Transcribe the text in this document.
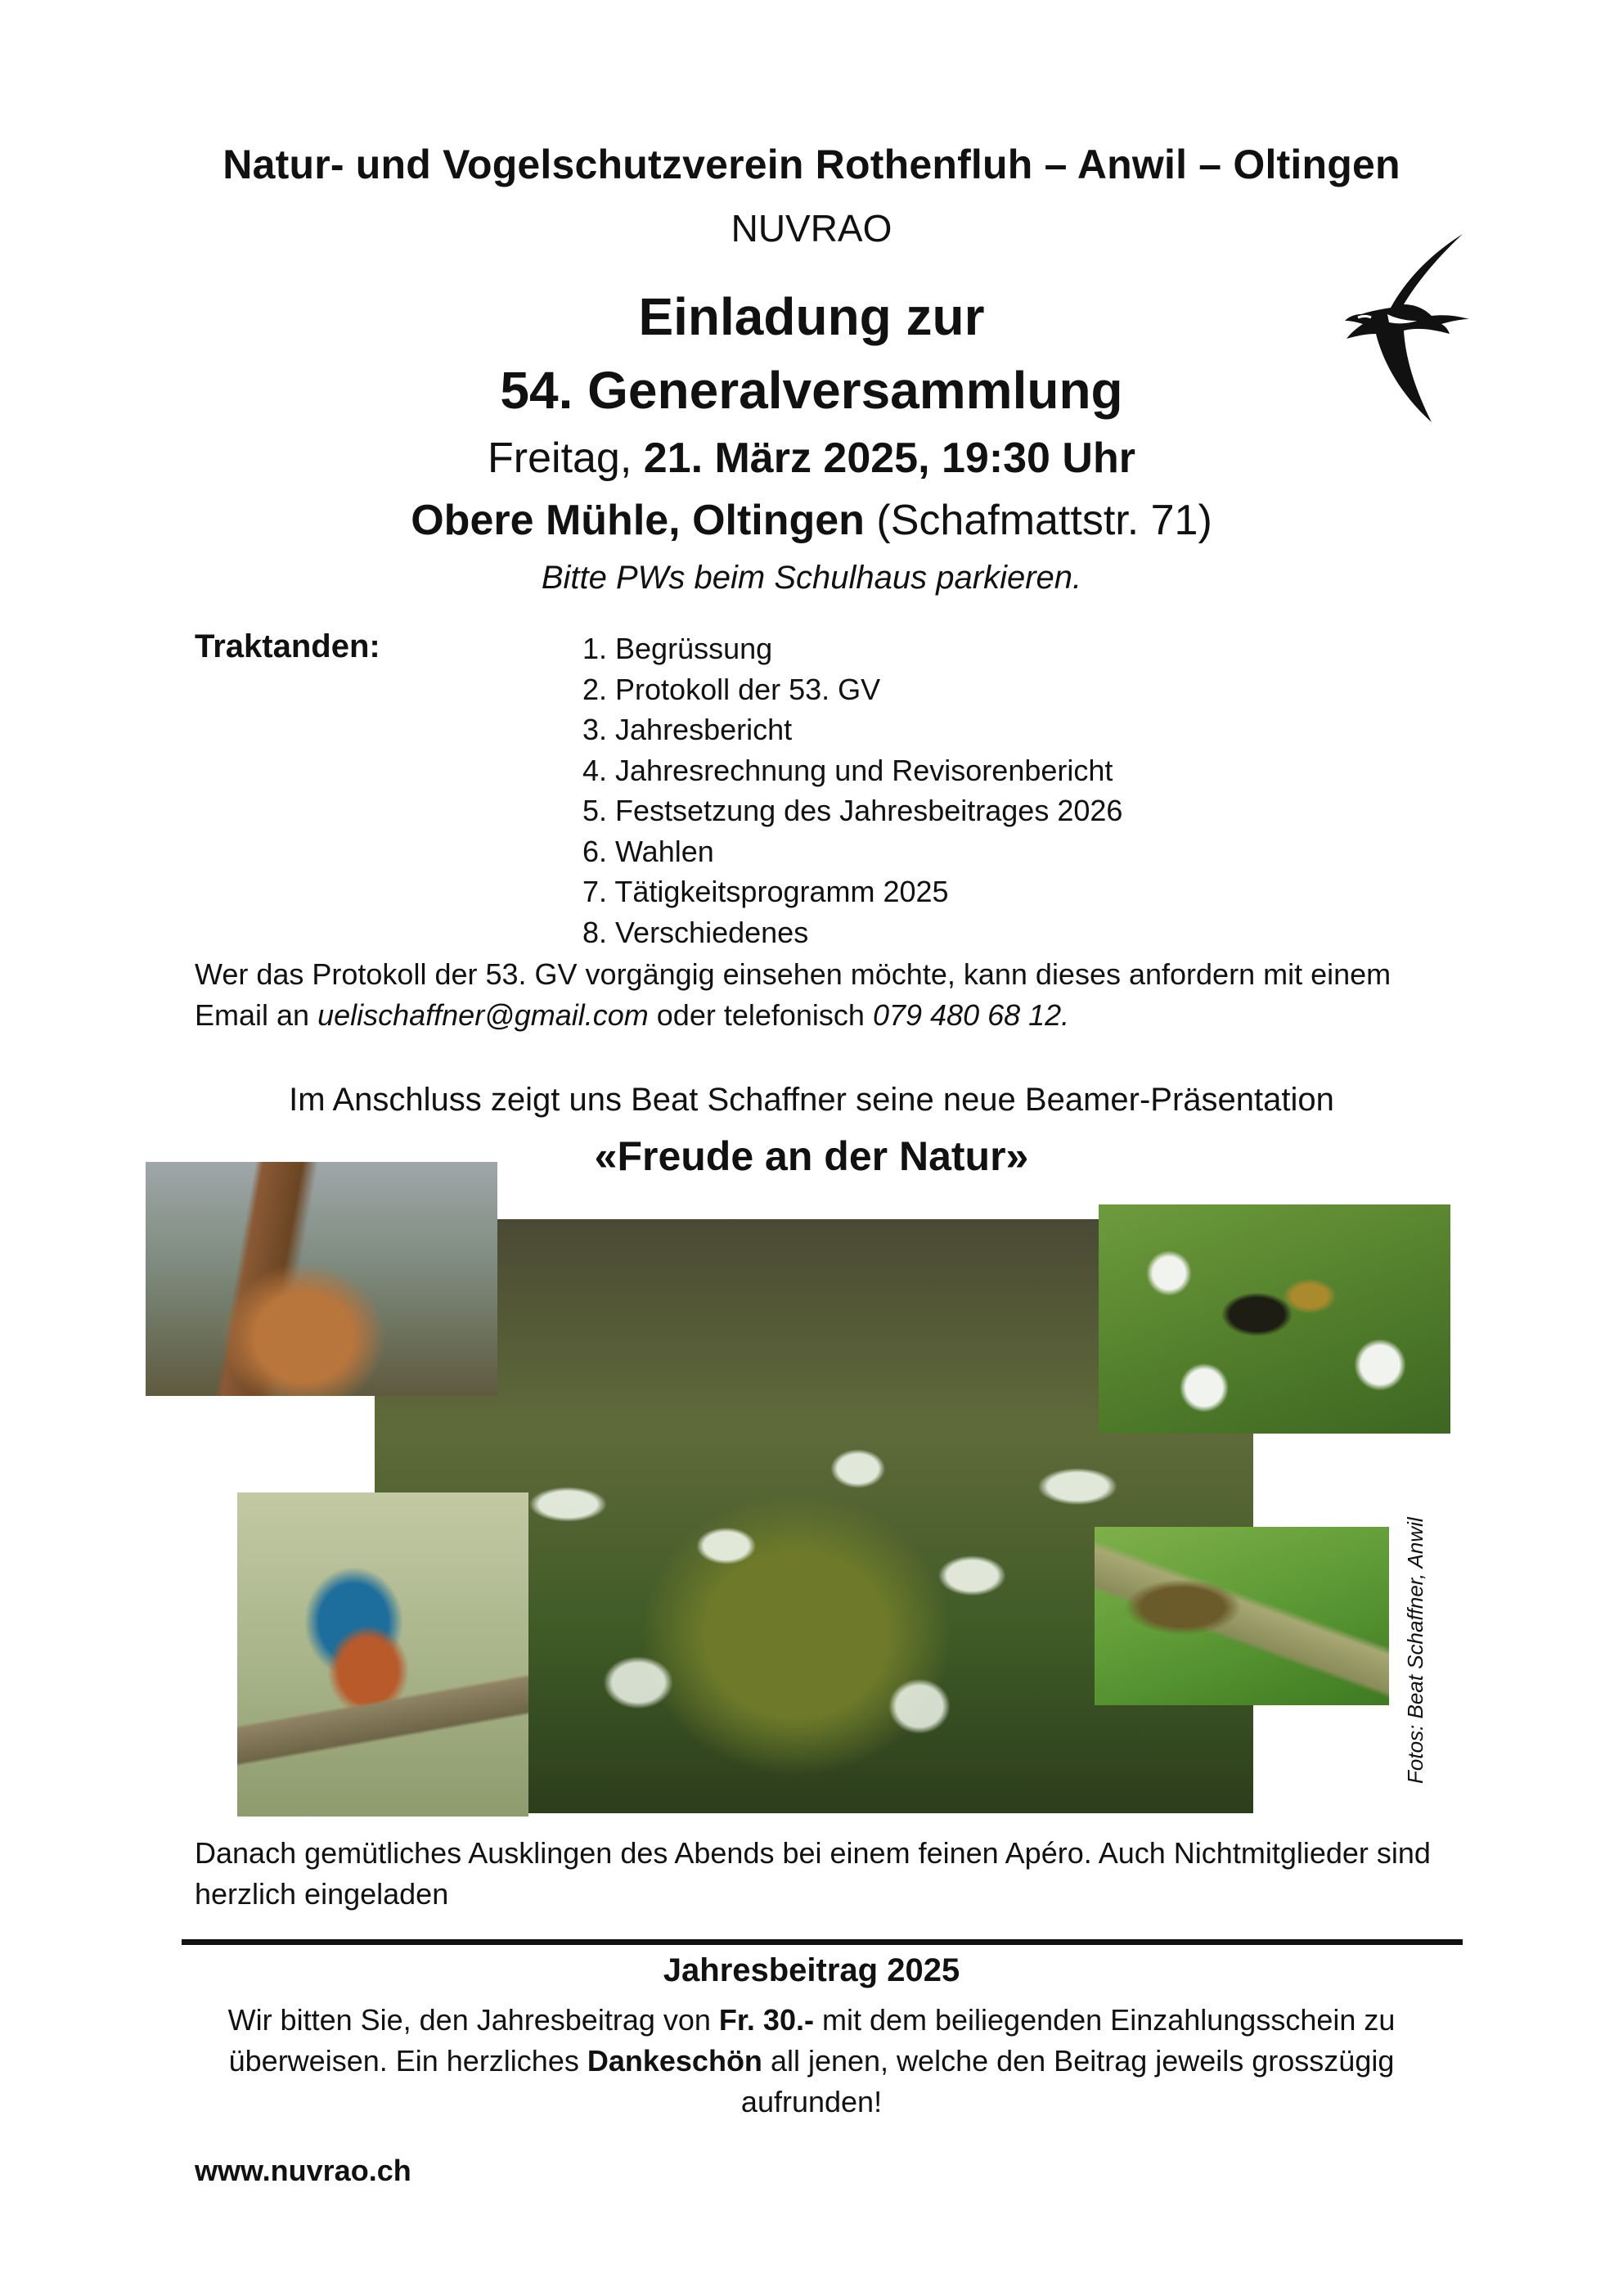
Natur- und Vogelschutzverein Rothenfluh – Anwil – Oltingen
NUVRAO
Einladung zur
54. Generalversammlung
Freitag, 21. März 2025, 19:30 Uhr
Obere Mühle, Oltingen (Schafmattstr. 71)
Bitte PWs beim Schulhaus parkieren.
Traktanden:	1. Begrüssung
2. Protokoll der 53. GV
3. Jahresbericht
4. Jahresrechnung und Revisorenbericht
5. Festsetzung des Jahresbeitrages 2026
6. Wahlen
7. Tätigkeitsprogramm 2025
8. Verschiedenes
Wer das Protokoll der 53. GV vorgängig einsehen möchte, kann dieses anfordern mit einem Email an uelischaffner@gmail.com oder telefonisch 079 480 68 12.
Im Anschluss zeigt uns Beat Schaffner seine neue Beamer-Präsentation
«Freude an der Natur»
Fotos: Beat Schaffner, Anwil
Danach gemütliches Ausklingen des Abends bei einem feinen Apéro. Auch Nichtmitglieder sind herzlich eingeladen
Jahresbeitrag 2025
Wir bitten Sie, den Jahresbeitrag von Fr. 30.- mit dem beiliegenden Einzahlungsschein zu überweisen. Ein herzliches Dankeschön all jenen, welche den Beitrag jeweils grosszügig aufrunden!
www.nuvrao.ch
